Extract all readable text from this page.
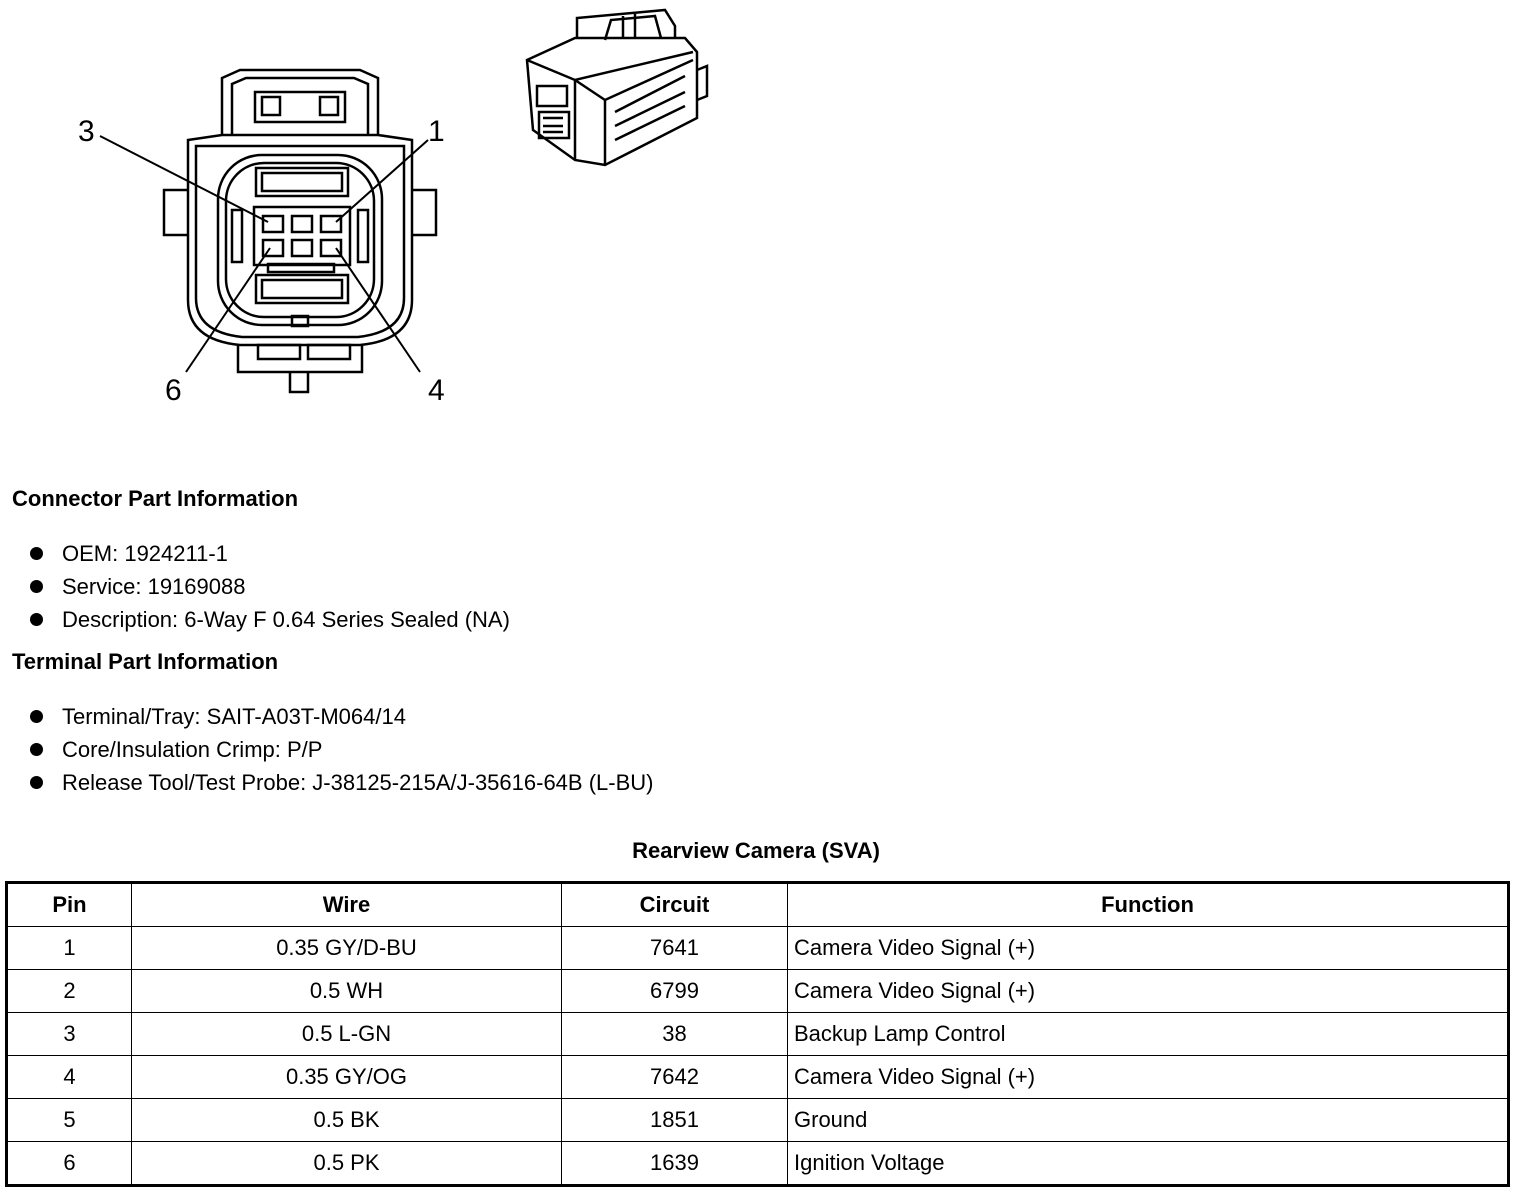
3	1
6	4
Connector Part Information
OEM: 1924211-1
Service: 19169088
Description: 6-Way F 0.64 Series Sealed (NA)
Terminal Part Information
Terminal/Tray: SAIT-A03T-M064/14
Core/Insulation Crimp: P/P
Release Tool/Test Probe: J-38125-215A/J-35616-64B (L-BU)
Rearview Camera (SVA)
Pin	Wire	Circuit	Function
1	0.35 GY/D-BU	7641	Camera Video Signal (+)
2	0.5 WH	6799	Camera Video Signal (+)
3	0.5 L-GN	38	Backup Lamp Control
4	0.35 GY/OG	7642	Camera Video Signal (+)
5	0.5 BK	1851	Ground
6	0.5 PK	1639	Ignition Voltage
